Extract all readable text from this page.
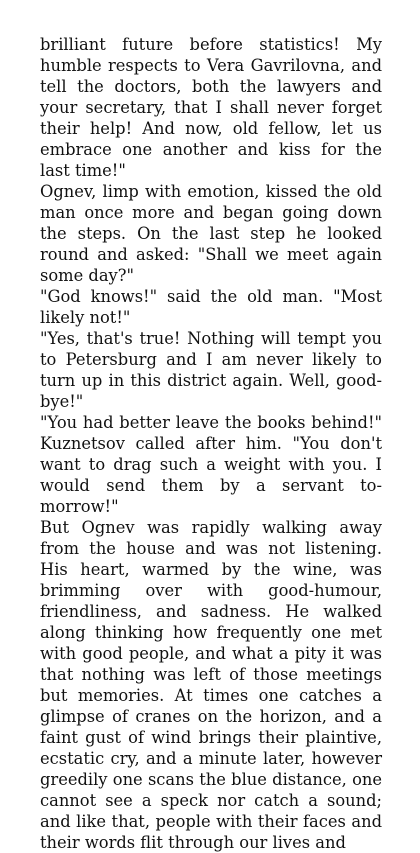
brilliant future before statistics! My humble respects to Vera Gavrilovna, and tell the doctors, both the lawyers and your secretary, that I shall never forget their help! And now, old fellow, let us embrace one another and kiss for the last time!"

Ognev, limp with emotion, kissed the old man once more and began going down the steps. On the last step he looked round and asked: "Shall we meet again some day?"

"God knows!" said the old man. "Most likely not!"

"Yes, that's true! Nothing will tempt you to Petersburg and I am never likely to turn up in this district again. Well, good-bye!"

"You had better leave the books behind!" Kuznetsov called after him. "You don't want to drag such a weight with you. I would send them by a servant to-morrow!"

But Ognev was rapidly walking away from the house and was not listening. His heart, warmed by the wine, was brimming over with good-humour, friendliness, and sadness. He walked along thinking how frequently one met with good people, and what a pity it was that nothing was left of those meetings but memories. At times one catches a glimpse of cranes on the horizon, and a faint gust of wind brings their plaintive, ecstatic cry, and a minute later, however greedily one scans the blue distance, one cannot see a speck nor catch a sound; and like that, people with their faces and their words flit through our lives and
